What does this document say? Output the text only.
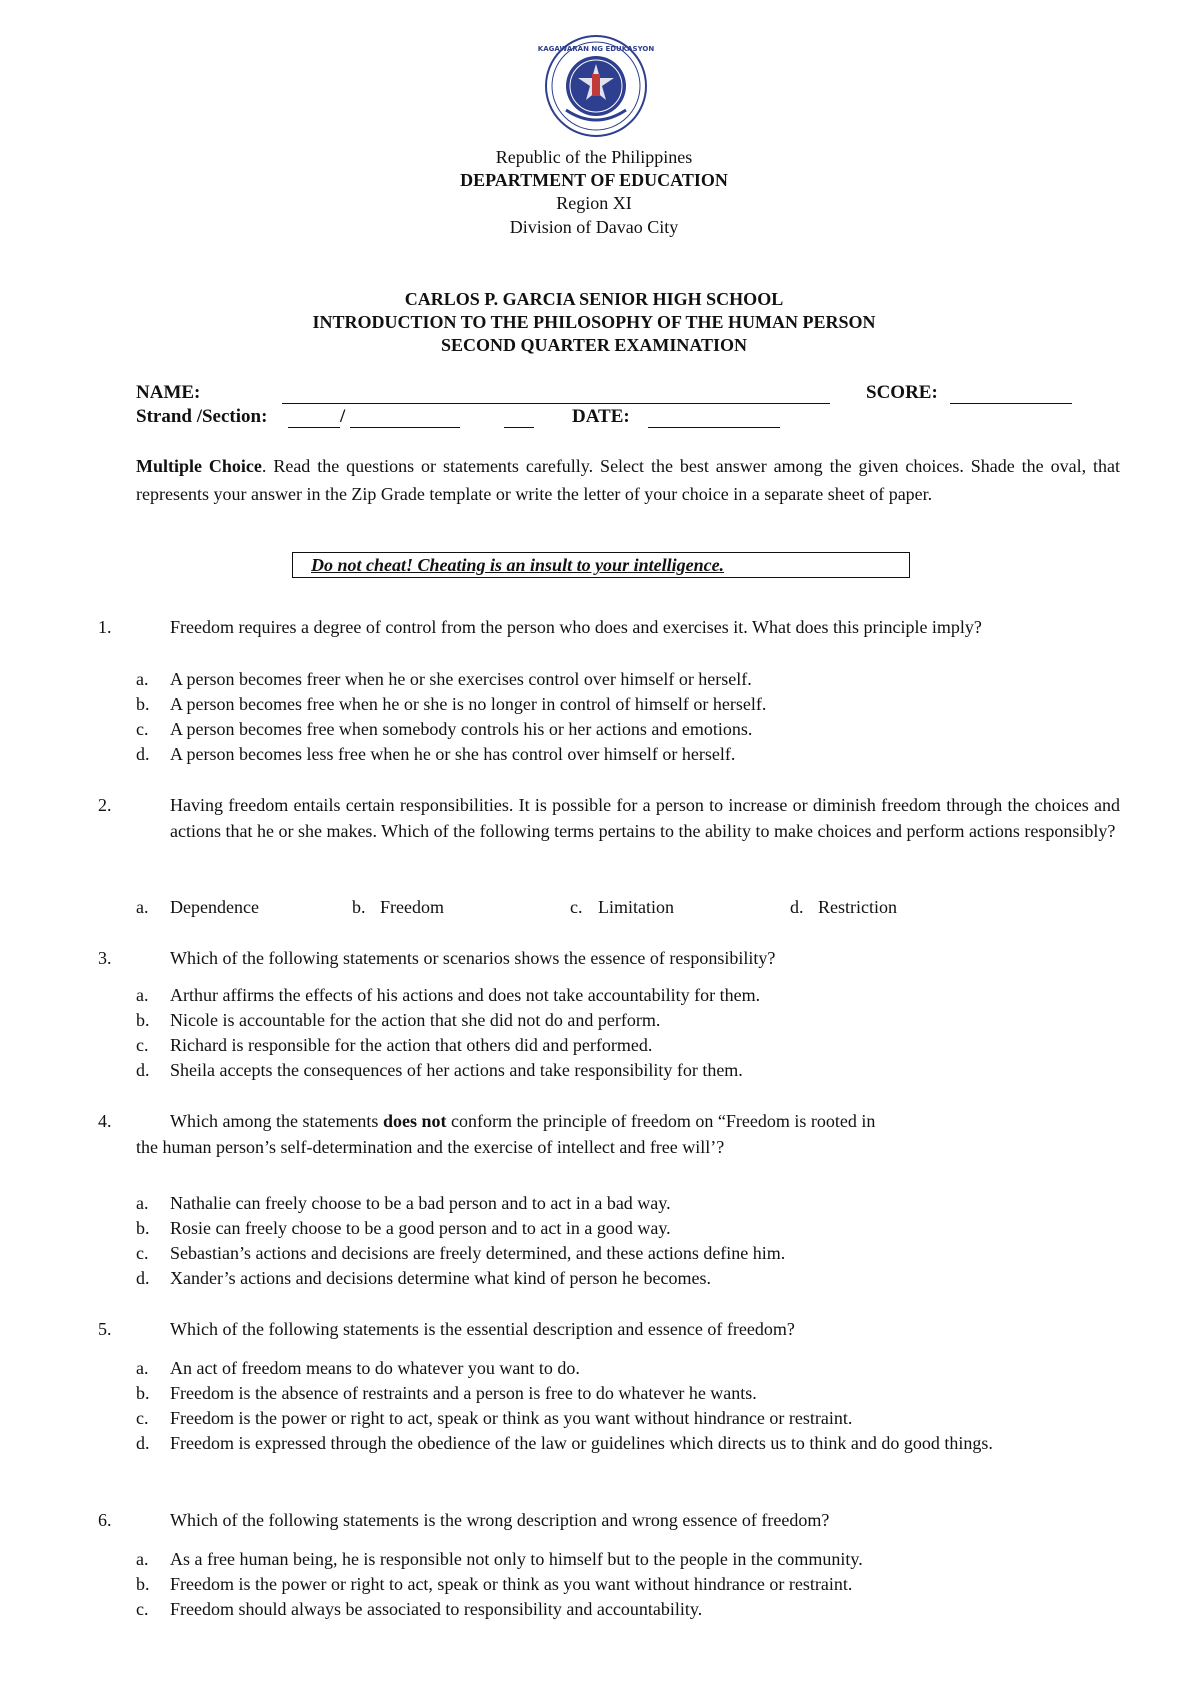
KAGAWARAN NG EDUKASYON
Republic of the Philippines
DEPARTMENT OF EDUCATION
Region XI
Division of Davao City
CARLOS P. GARCIA SENIOR HIGH SCHOOL
INTRODUCTION TO THE PHILOSOPHY OF THE HUMAN PERSON
SECOND QUARTER EXAMINATION
NAME:	SCORE:
Strand /Section:	/	DATE:
Multiple Choice. Read the questions or statements carefully. Select the best answer among the given choices. Shade the oval, that represents your answer in the Zip Grade template or write the letter of your choice in a separate sheet of paper.
Do not cheat! Cheating is an insult to your intelligence.
1.	Freedom requires a degree of control from the person who does and exercises it. What does this principle imply?
a. A person becomes freer when he or she exercises control over himself or herself.
b. A person becomes free when he or she is no longer in control of himself or herself.
c. A person becomes free when somebody controls his or her actions and emotions.
d. A person becomes less free when he or she has control over himself or herself.
2.	Having freedom entails certain responsibilities. It is possible for a person to increase or diminish freedom through the choices and actions that he or she makes. Which of the following terms pertains to the ability to make choices and perform actions responsibly?
a. Dependence	b. Freedom	c. Limitation	d. Restriction
3.	Which of the following statements or scenarios shows the essence of responsibility?
a. Arthur affirms the effects of his actions and does not take accountability for them.
b. Nicole is accountable for the action that she did not do and perform.
c. Richard is responsible for the action that others did and performed.
d. Sheila accepts the consequences of her actions and take responsibility for them.
4.	Which among the statements does not conform the principle of freedom on “Freedom is rooted in
the human person’s self-determination and the exercise of intellect and free will’?
a. Nathalie can freely choose to be a bad person and to act in a bad way.
b. Rosie can freely choose to be a good person and to act in a good way.
c. Sebastian’s actions and decisions are freely determined, and these actions define him.
d. Xander’s actions and decisions determine what kind of person he becomes.
5.	Which of the following statements is the essential description and essence of freedom?
a. An act of freedom means to do whatever you want to do.
b. Freedom is the absence of restraints and a person is free to do whatever he wants.
c. Freedom is the power or right to act, speak or think as you want without hindrance or restraint.
d. Freedom is expressed through the obedience of the law or guidelines which directs us to think and do good things.
6.	Which of the following statements is the wrong description and wrong essence of freedom?
a. As a free human being, he is responsible not only to himself but to the people in the community.
b. Freedom is the power or right to act, speak or think as you want without hindrance or restraint.
c. Freedom should always be associated to responsibility and accountability.
